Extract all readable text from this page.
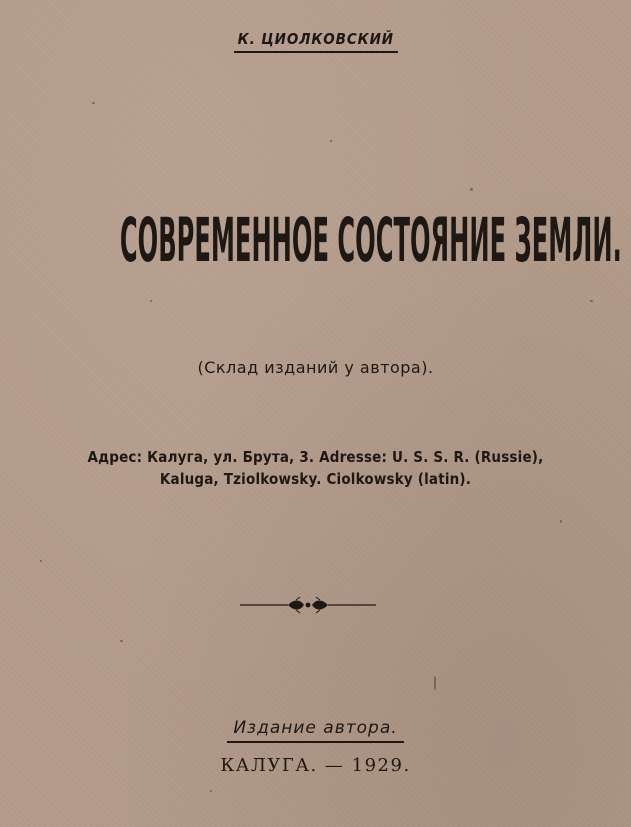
К. ЦИОЛКОВСКИЙ
СОВРЕМЕННОЕ СОСТОЯНИЕ ЗЕМЛИ.
(Склад изданий у автора).
Адрес: Калуга, ул. Брута, 3. Adresse: U. S. S. R. (Russie),
Kaluga, Tziolkowsky. Ciolkowsky (latin).
Издание автора.
КАЛУГА. — 1929.
